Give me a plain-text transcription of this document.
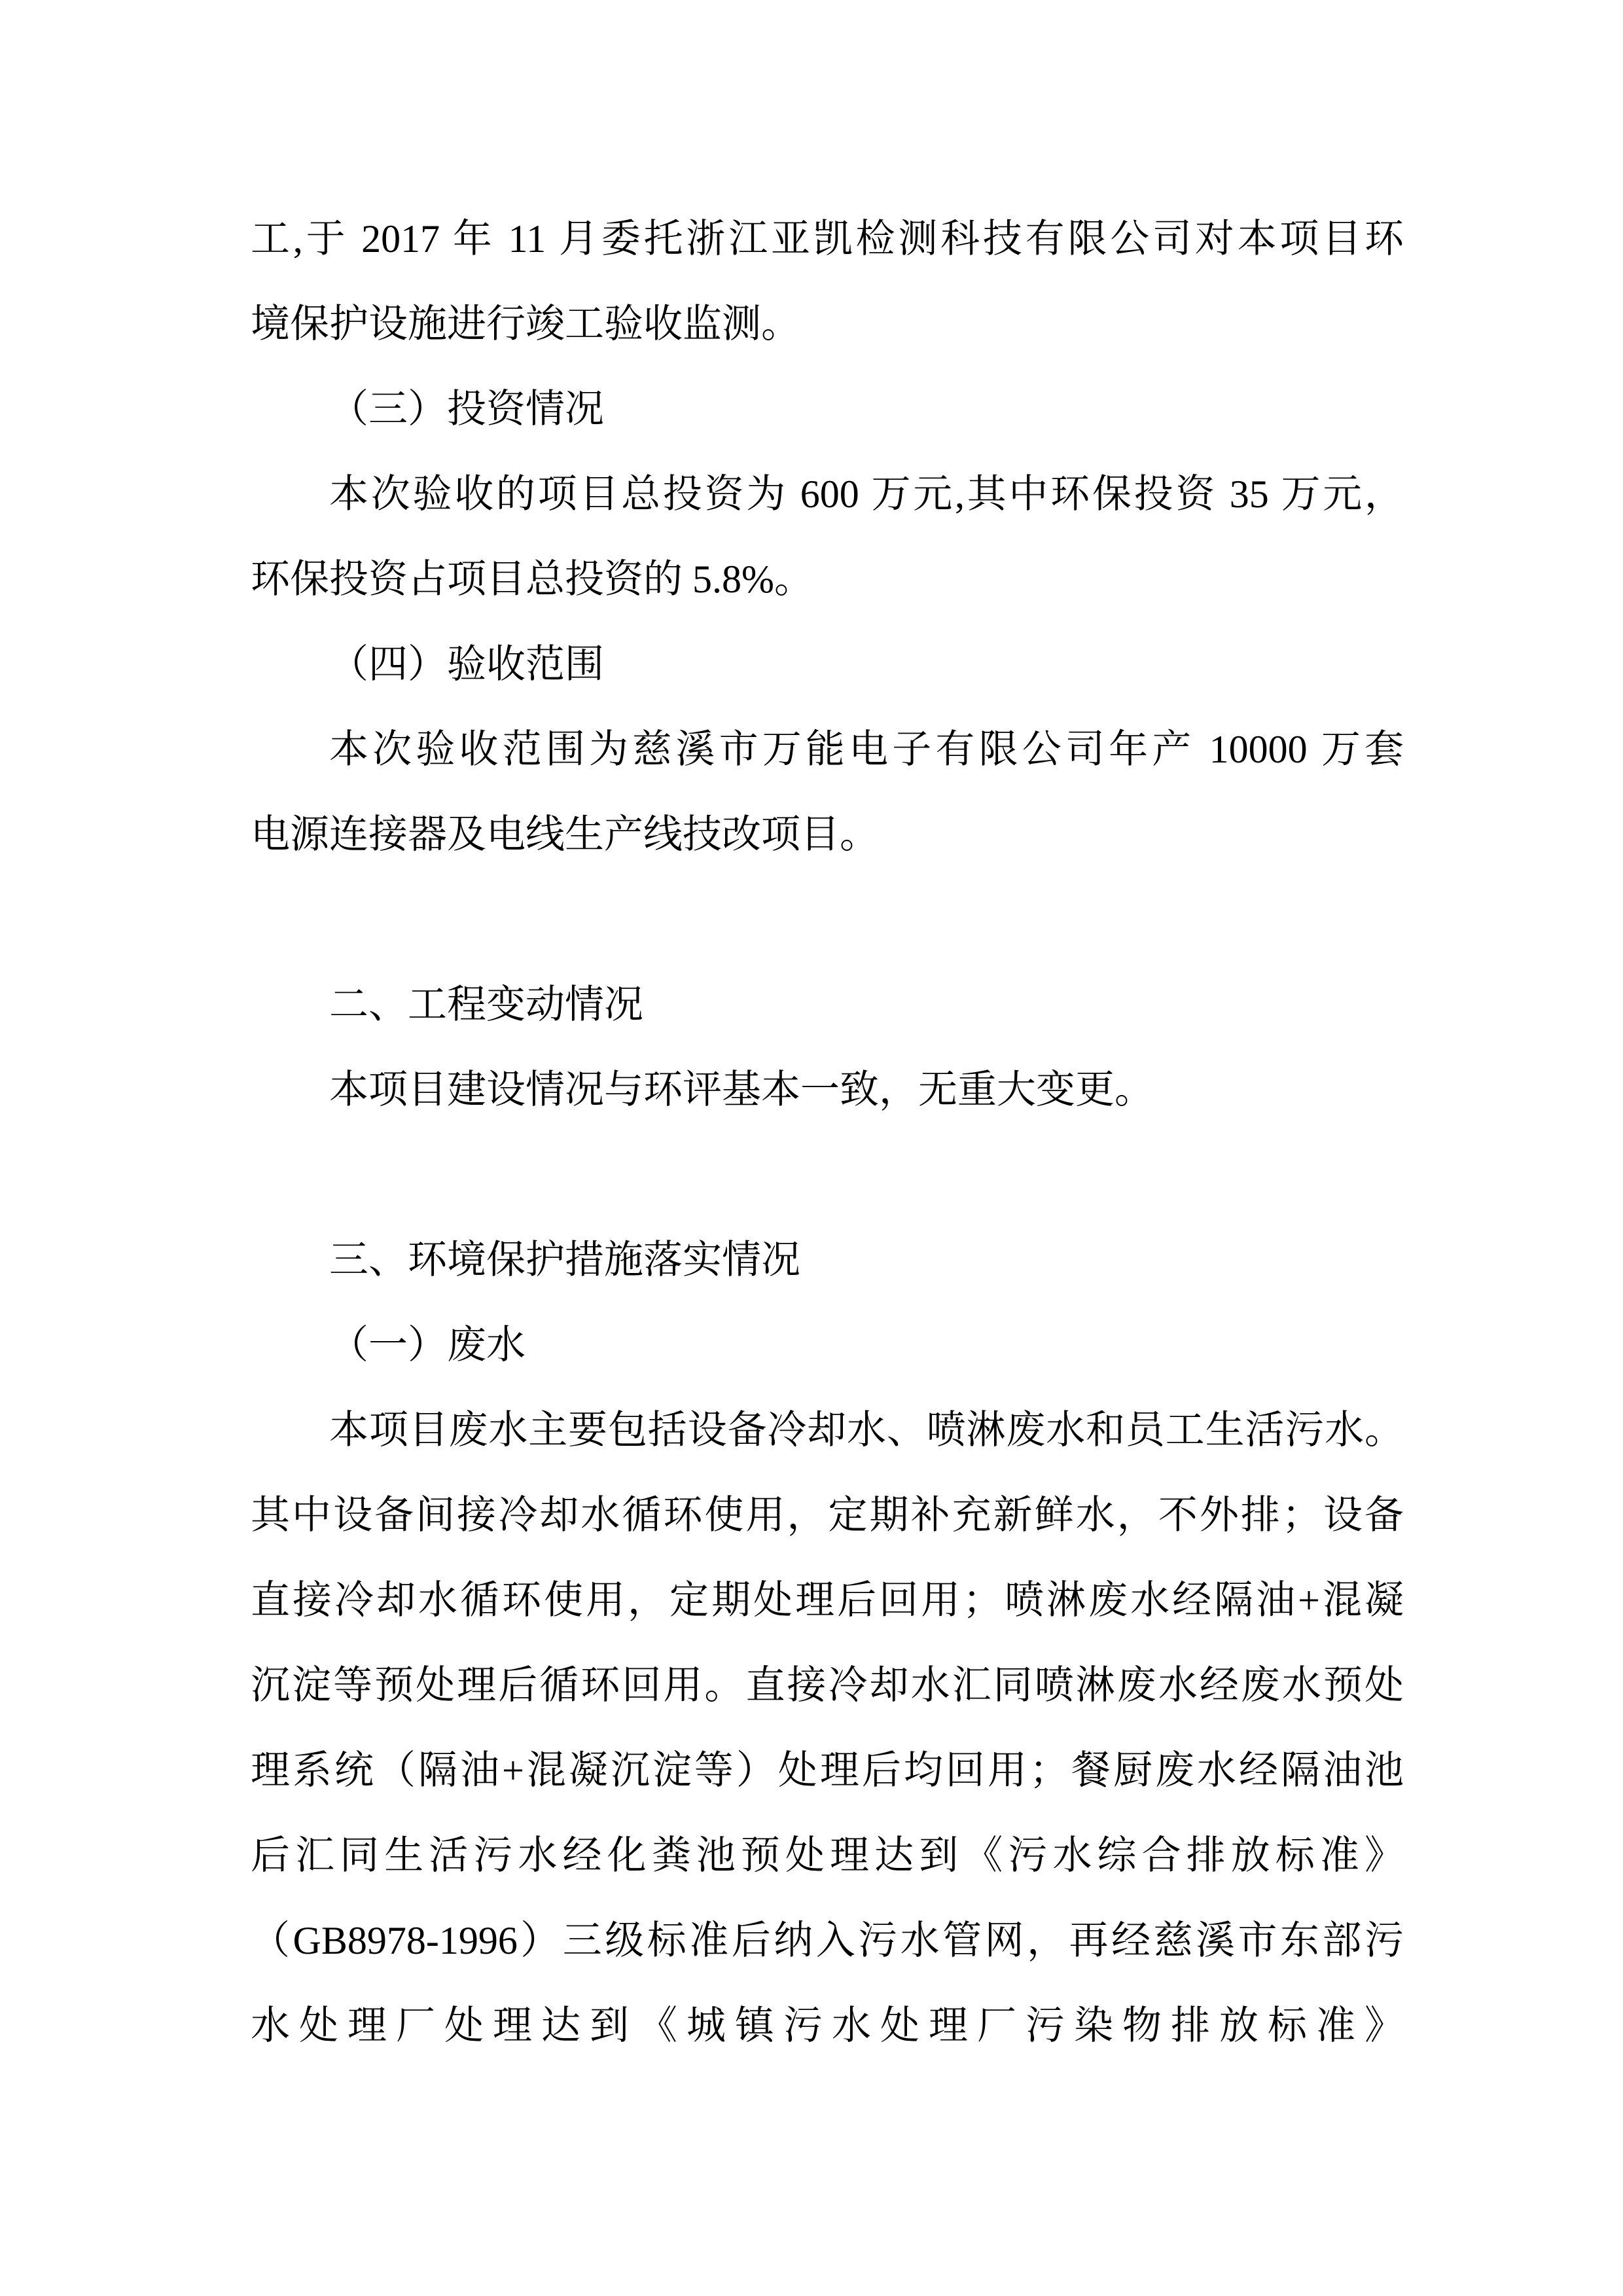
工,于 2017 年 11 月委托浙江亚凯检测科技有限公司对本项目环
境保护设施进行竣工验收监测。
（三）投资情况
本次验收的项目总投资为 600 万元,其中环保投资 35 万元，
环保投资占项目总投资的 5.8%。
（四）验收范围
本次验收范围为慈溪市万能电子有限公司年产 10000 万套
电源连接器及电线生产线技改项目。
二、工程变动情况
本项目建设情况与环评基本一致，无重大变更。
三、环境保护措施落实情况
（一）废水
本项目废水主要包括设备冷却水、喷淋废水和员工生活污水。
其中设备间接冷却水循环使用，定期补充新鲜水，不外排；设备
直接冷却水循环使用，定期处理后回用；喷淋废水经隔油+混凝
沉淀等预处理后循环回用。直接冷却水汇同喷淋废水经废水预处
理系统（隔油+混凝沉淀等）处理后均回用；餐厨废水经隔油池
后汇同生活污水经化粪池预处理达到《污水综合排放标准》
（GB8978-1996）三级标准后纳入污水管网，再经慈溪市东部污
水处理厂处理达到《城镇污水处理厂污染物排放标准》
